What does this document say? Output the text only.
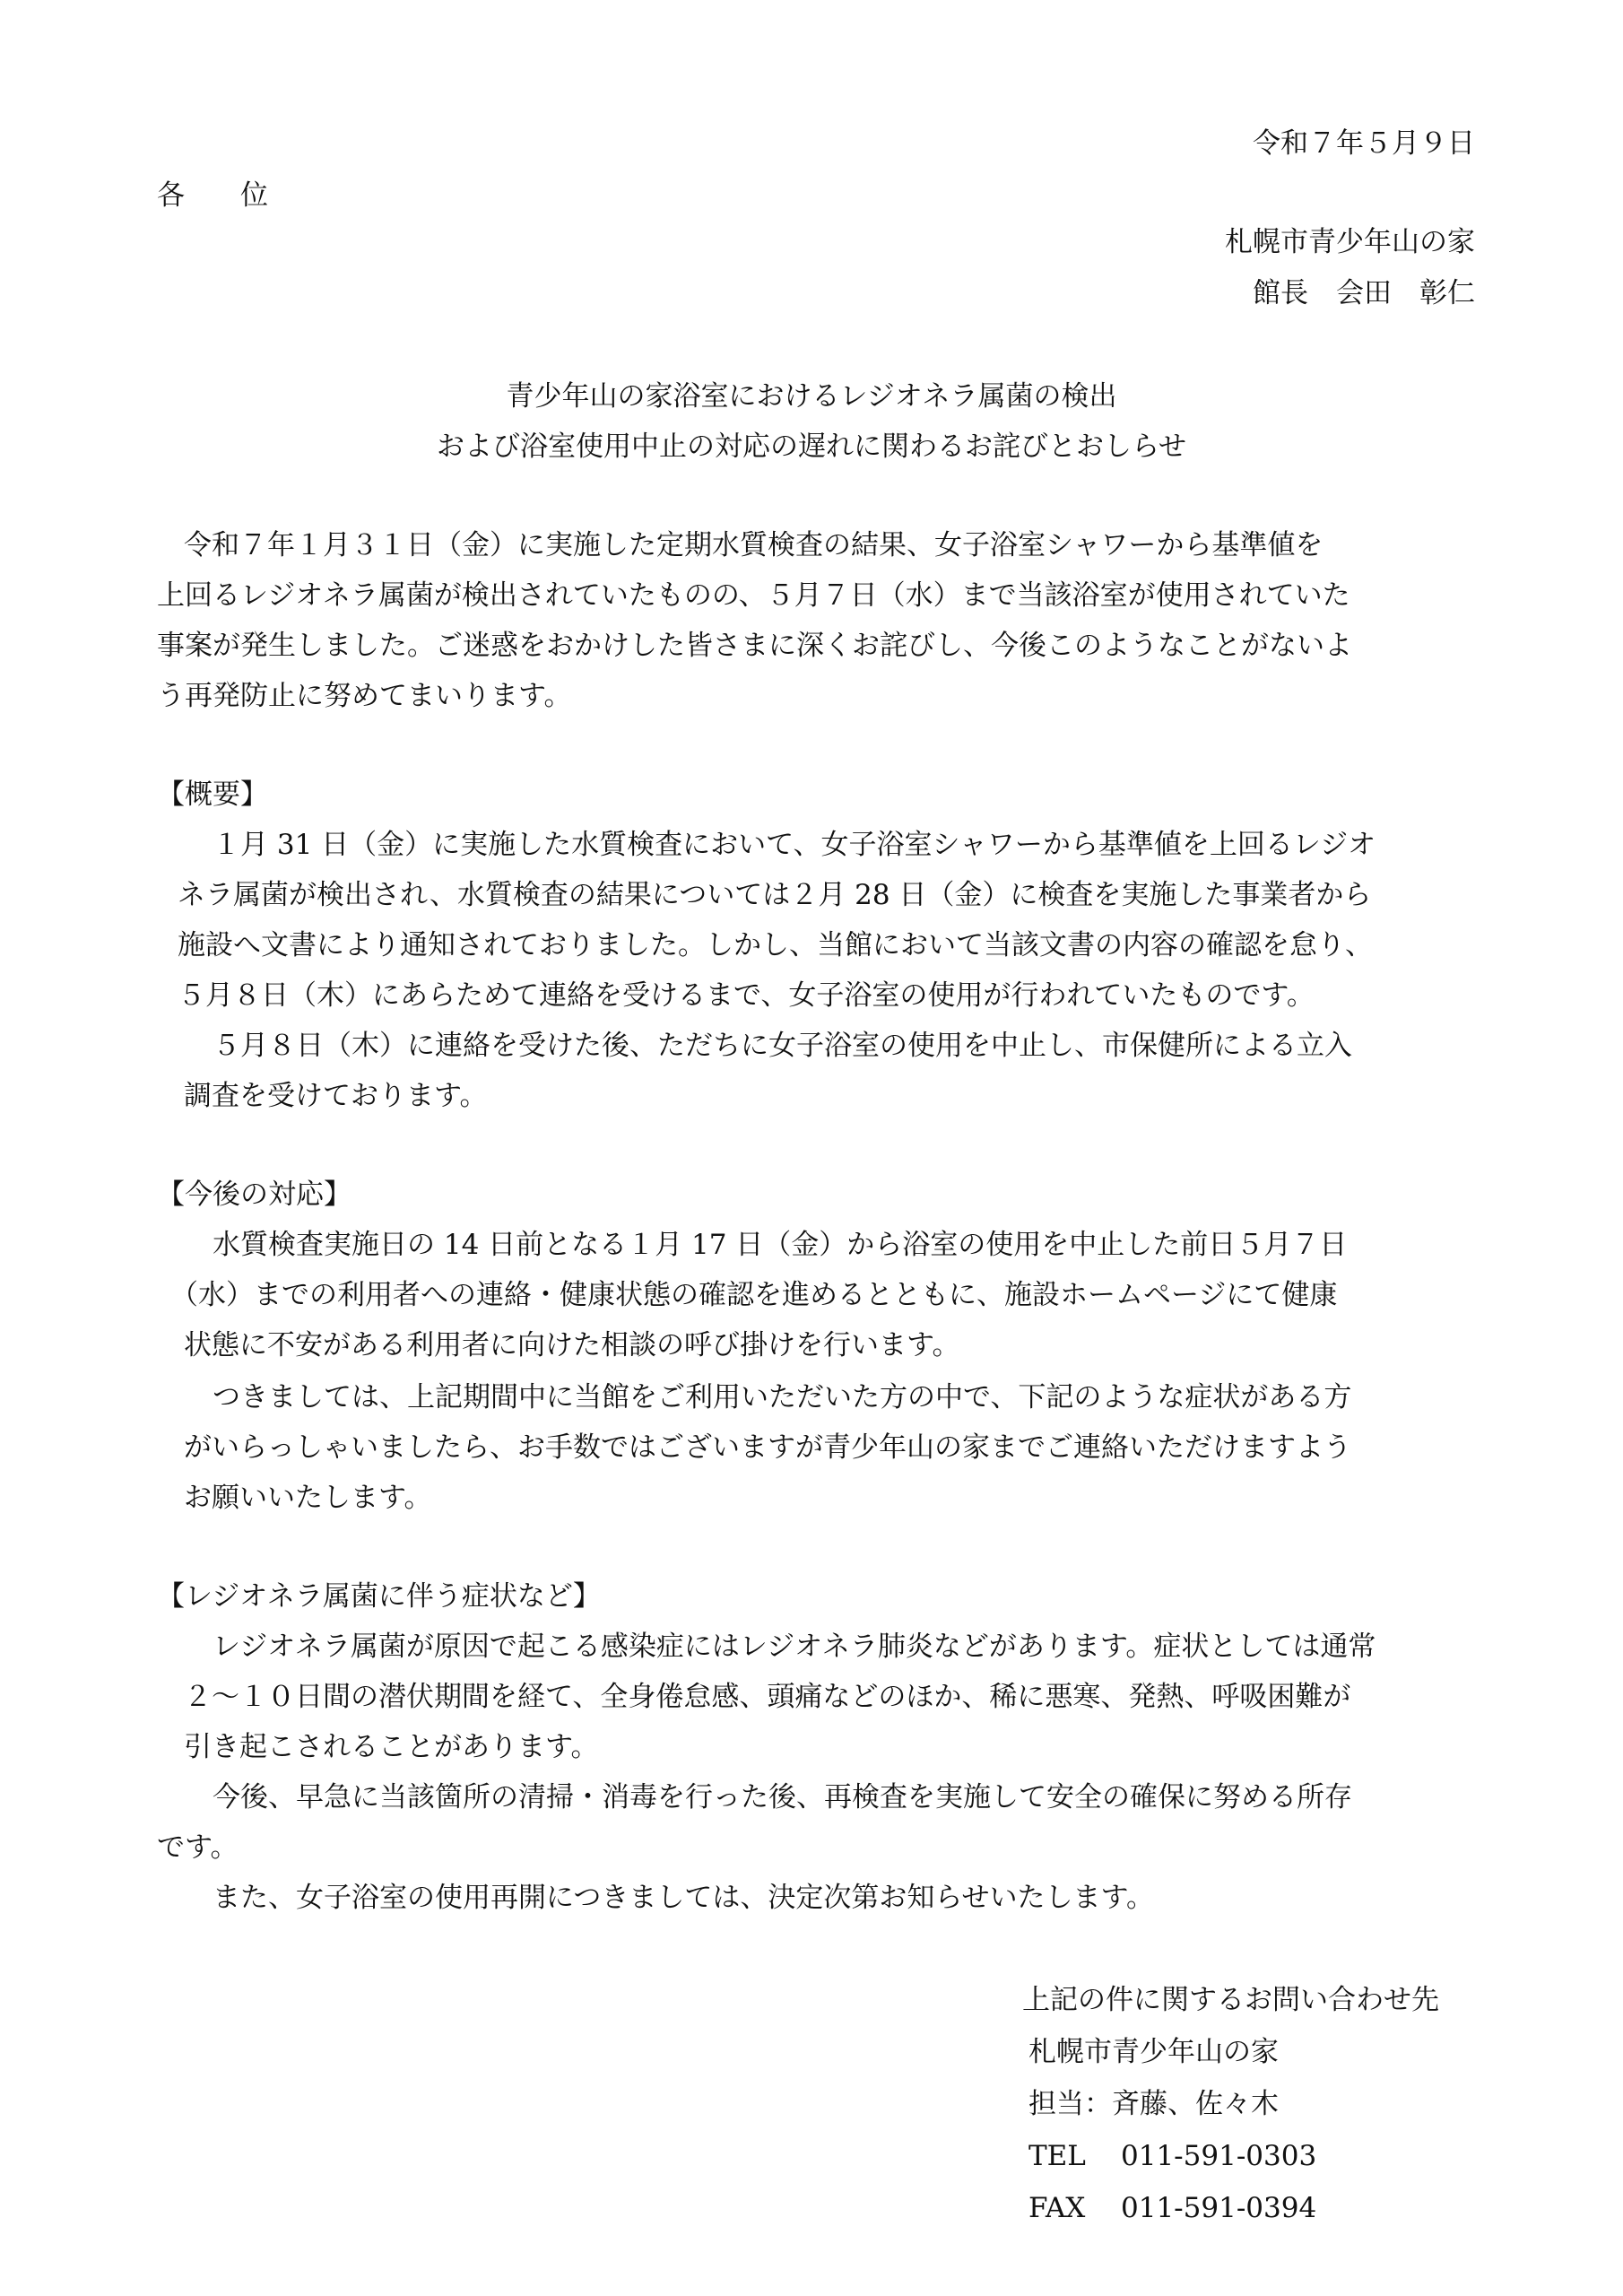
令和７年５月９日

各　　位

札幌市青少年山の家

館長　会田　彰仁

青少年山の家浴室におけるレジオネラ属菌の検出

および浴室使用中止の対応の遅れに関わるお詫びとおしらせ

令和７年１月３１日（金）に実施した定期水質検査の結果、女子浴室シャワーから基準値を

上回るレジオネラ属菌が検出されていたものの、５月７日（水）まで当該浴室が使用されていた

事案が発生しました。ご迷惑をおかけした皆さまに深くお詫びし、今後このようなことがないよ

う再発防止に努めてまいります。

【概要】

１月 31 日（金）に実施した水質検査において、女子浴室シャワーから基準値を上回るレジオ

ネラ属菌が検出され、水質検査の結果については２月 28 日（金）に検査を実施した事業者から

施設へ文書により通知されておりました。しかし、当館において当該文書の内容の確認を怠り、

５月８日（木）にあらためて連絡を受けるまで、女子浴室の使用が行われていたものです。

５月８日（木）に連絡を受けた後、ただちに女子浴室の使用を中止し、市保健所による立入

調査を受けております。

【今後の対応】

水質検査実施日の 14 日前となる１月 17 日（金）から浴室の使用を中止した前日５月７日

（水）までの利用者への連絡・健康状態の確認を進めるとともに、施設ホームページにて健康

状態に不安がある利用者に向けた相談の呼び掛けを行います。

つきましては、上記期間中に当館をご利用いただいた方の中で、下記のような症状がある方

がいらっしゃいましたら、お手数ではございますが青少年山の家までご連絡いただけますよう

お願いいたします。

【レジオネラ属菌に伴う症状など】

レジオネラ属菌が原因で起こる感染症にはレジオネラ肺炎などがあります。症状としては通常

２～１０日間の潜伏期間を経て、全身倦怠感、頭痛などのほか、稀に悪寒、発熱、呼吸困難が

引き起こされることがあります。

今後、早急に当該箇所の清掃・消毒を行った後、再検査を実施して安全の確保に努める所存

です。

また、女子浴室の使用再開につきましては、決定次第お知らせいたします。

上記の件に関するお問い合わせ先

札幌市青少年山の家

担当：斉藤、佐々木

TEL 011-591-0303

FAX 011-591-0394
